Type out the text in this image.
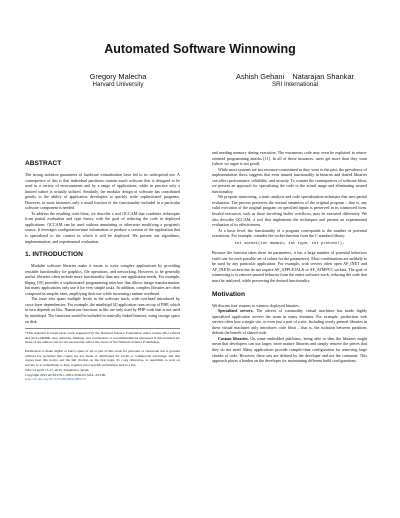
Automated Software Winnowing
Gregory Malecha
Harvard University
Ashish Gehani Natarajan Shankar
SRI International
ABSTRACT

The strong isolation guarantees of hardware virtualization have led to its widespread use. A consequence of this is that individual partitions contain much software that is designed to be used in a variety of environments and by a range of applications, while in practice only a limited subset is actually utilized. Similarly, the modular design of software has contributed greatly to the ability of application developers to quickly write sophisticated programs. However, in most instances only a small fraction of the functionality included in a particular software component is needed.

To address the resulting code bloat, we describe a tool OCCAM that combines techniques from partial evaluation and type theory with the goal of reducing the code in deployed applications. OCCAM can be used without annotating or otherwise modifying a program's source. It leverages configuration-time information to produce a version of the application that is specialized to the context in which it will be deployed. We present our algorithms, implementation, and experimental evaluation.

1. INTRODUCTION

Modular software libraries make it easier to write complex applications by providing reusable functionality for graphics, file operations, and networking. However, to be generally useful, libraries often include more functionality than any one application needs. For example, libpng [10] provides a sophisticated programming interface that allows image transformation, but many applications only use it for very simple tasks. In addition, complex libraries are often composed in simpler ones, amplifying their use while increasing runtime overhead.

The issue also spans multiple levels in the software stack, with overhead introduced by cross-layer dependencies. For example, the minihttpd [4] application runs on top of PHP, which in turn depends on libc. Numerous functions in libc are only used by PHP-code that is not used by minihttpd. The functions would be included in statically linked binaries, using storage space on disk

*This material is based upon work supported by the National Science Foundation under Grants IIS-1116414 and ACI-1440800. Any opinions, findings, and conclusions or recommendations expressed in this material are those of the authors and do not necessarily reflect the views of the National Science Foundation.
Permission to make digital or hard copies of all or part of this work for personal or classroom use is granted without fee provided that copies are not made or distributed for profit or commercial advantage and that copies bear this notice and the full citation on the first page. To copy otherwise, to republish, to post on servers or to redistribute to lists, requires prior specific permission and/or a fee.
SAC'15 April 13-17, 2015, Salamanca, Spain.
Copyright 2015 ACM 978-1-4503-3196-8/15/04...$15.00.
http://dx.doi.org/10.1145/2695664.2695751

and needing memory during execution. The extraneous code may even be exploited in return-oriented programming attacks [11]. In all of these instances, users get more than they want (where we argue is not good).

While most systems are not resource-constrained as they were in the past, the prevalence of implementation flaws suggests that even unused functionality in binaries and shared libraries can affect performance, reliability, and security. To counter the consequences of software bloat, we present an approach for specializing the code to the actual usage and eliminating unused functionality.

We propose winnowing, a static analysis and code specialization technique that uses partial evaluation. The process preserves the normal semantics of the original program – that is, any valid execution of the original program on specified inputs is preserved in its winnowed form. Invalid execution, such as those involving buffer overflows, may be executed differently. We also describe OCCAM, a tool that implements the techniques and present an experimental evaluation of its effectiveness.

At a basic level, the functionality of a program corresponds to the number of potential executions. For example, consider the socket function from the C standard library:

int socket(int domain, int type, int protocol);

Because the function takes three int parameters, it has a large number of potential behaviors (with one for each possible set of values for the parameters). Most combinations are unlikely to be used by any particular application. For example, with servers often open AF_INET and AF_INET6 sockets but do not require AF_APPLETALK or AF_ATMPVC sockets. The goal of winnowing is to remove unused behavior from the entire software stack, reducing the code that must be analyzed, while preserving the desired functionality.

Motivation

We discuss four reasons to winnow deployed binaries.

Specialized servers. The advent of commodity virtual machines has made highly specialized application servers the norm in many domains. For example, production web servers often host a single site, or even just a part of a site. Including overly general libraries in these virtual machines only introduces code bloat – that is, the isolation between partitions defeats the benefit of shared code.

Custom libraries. On some embedded platforms, being able to slim the libraries might mean that developers can use larger, more mature libraries and simply remove the pieces that they do not need. Many applications provide compile-time configuration for removing large chunks of code. However, these sets are defined by the developer and not the consumer. This approach places a burden on the developer for maintaining different build configurations.
